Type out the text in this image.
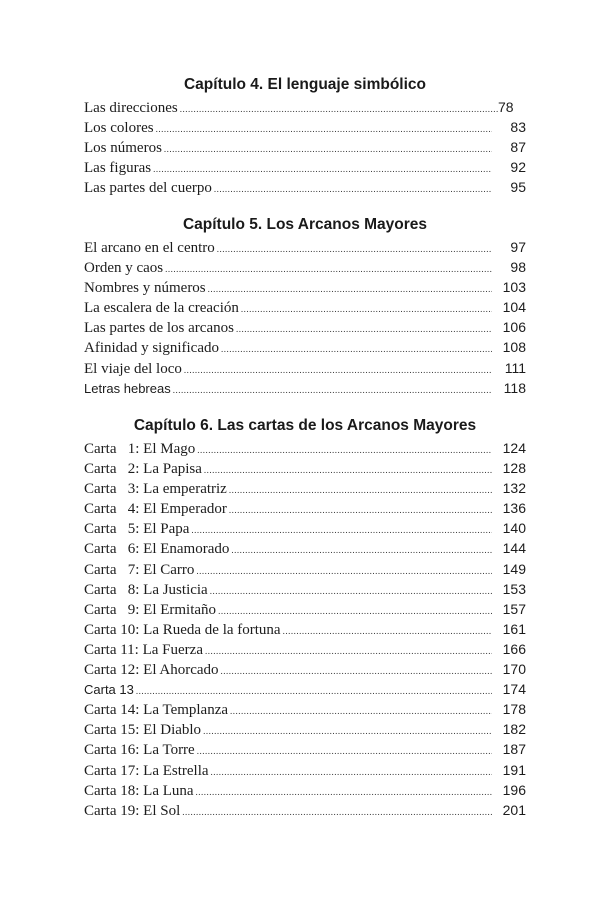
Capítulo 4. El lenguaje simbólico
Las direcciones .....	78
Los colores .....	83
Los números .....	87
Las figuras .....	92
Las partes del cuerpo .....	95
Capítulo 5. Los Arcanos Mayores
El arcano en el centro .....	97
Orden y caos .....	98
Nombres y números .....	103
La escalera de la creación .....	104
Las partes de los arcanos .....	106
Afinidad y significado .....	108
El viaje del loco .....	111
Letras hebreas .....	118
Capítulo 6. Las cartas de los Arcanos Mayores
Carta   1: El Mago .....	124
Carta   2: La Papisa .....	128
Carta   3: La emperatriz .....	132
Carta   4: El Emperador .....	136
Carta   5: El Papa .....	140
Carta   6: El Enamorado .....	144
Carta   7: El Carro .....	149
Carta   8: La Justicia .....	153
Carta   9: El Ermitaño .....	157
Carta 10: La Rueda de la fortuna .....	161
Carta 11: La Fuerza .....	166
Carta 12: El Ahorcado .....	170
Carta 13 .....	174
Carta 14: La Templanza .....	178
Carta 15: El Diablo .....	182
Carta 16: La Torre .....	187
Carta 17: La Estrella .....	191
Carta 18: La Luna .....	196
Carta 19: El Sol .....	201
